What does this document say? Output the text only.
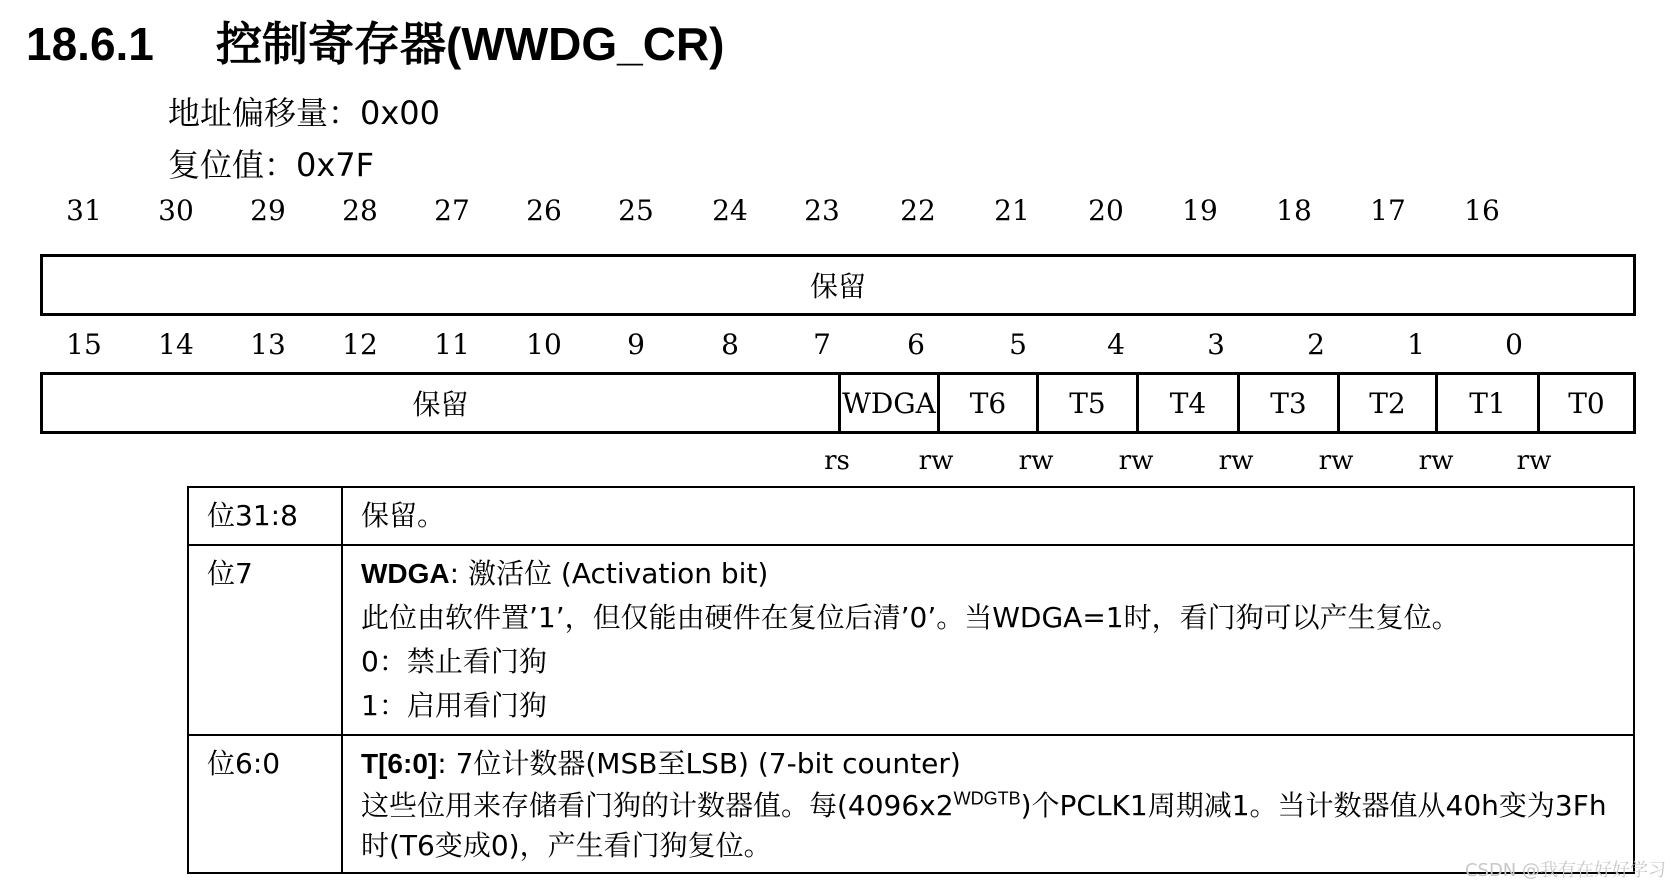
18.6.1 控制寄存器(WWDG_CR)
地址偏移量：0x00
复位值：0x7F
31	30	29	28	27	26	25	24	23	22	21	20	19	18	17	16
保留
15	14	13	12	11	10	9	8	7	6	5	4	3	2	1	0
保留	WDGA	T6	T5	T4	T3	T2	T1	T0
rs	rw	rw	rw	rw	rw	rw	rw
位31:8	保留。
位7	WDGA: 激活位 (Activation bit)
此位由软件置’1’，但仅能由硬件在复位后清’0’。当WDGA=1时，看门狗可以产生复位。
0：禁止看门狗
1：启用看门狗

位6:0	T[6:0]: 7位计数器(MSB至LSB) (7-bit counter)
这些位用来存储看门狗的计数器值。每$(4096x2^{WDGTB})$个PCLK1周期减1。当计数器值从40h变为3Fh时(T6变成0)，产生看门狗复位。
CSDN @我有在好好学习
